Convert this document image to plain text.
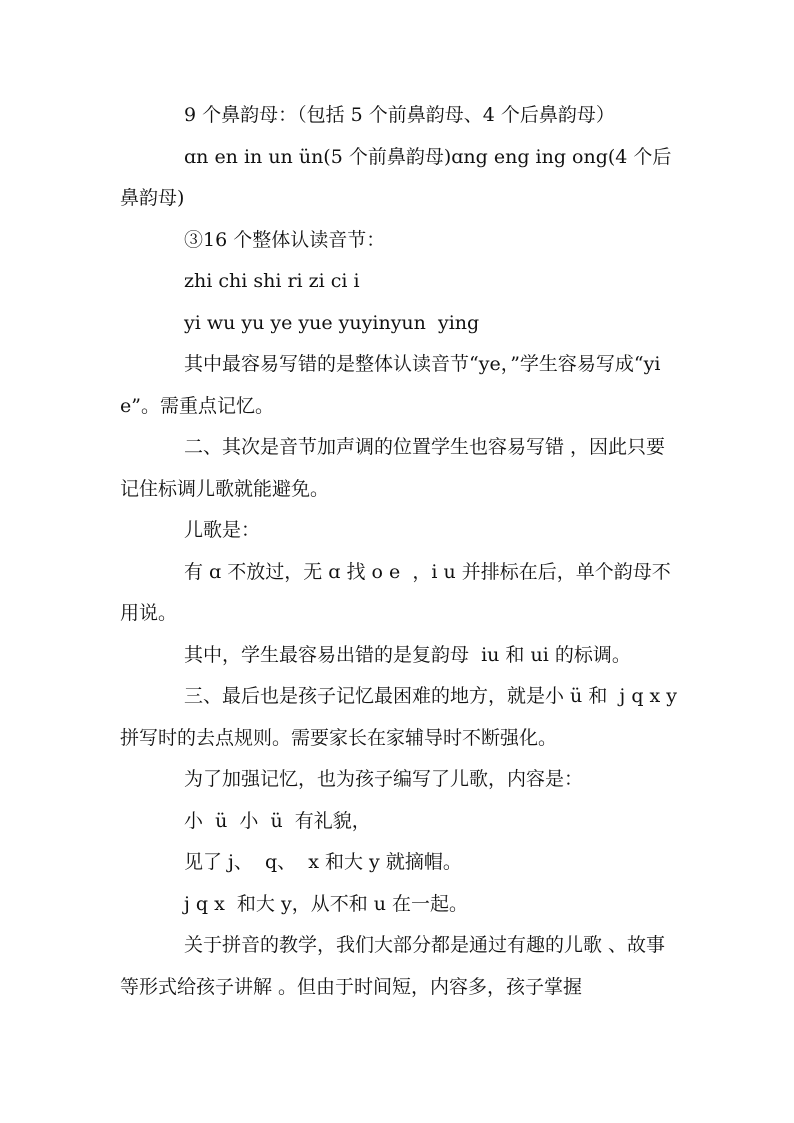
9 个鼻韵母：（包括 5 个前鼻韵母、4 个后鼻韵母）

ɑn en in un ün(5 个前鼻韵母)ɑng eng ing ong(4 个后鼻韵母)

③16 个整体认读音节：

zhi chi shi ri zi ci i

yi wu yu ye yue yuyinyun  ying

其中最容易写错的是整体认读音节“ye，”学生容易写成“yie”。需重点记忆。

二、其次是音节加声调的位置学生也容易写错 ，因此只要记住标调儿歌就能避免。

儿歌是：

有 ɑ 不放过，无 ɑ 找 o e  ，i u 并排标在后，单个韵母不用说。

其中，学生最容易出错的是复韵母  iu 和 ui 的标调。

三、最后也是孩子记忆最困难的地方，就是小 ü 和  j q x y  拼写时的去点规则。需要家长在家辅导时不断强化。

为了加强记忆，也为孩子编写了儿歌，内容是：

小  ü  小  ü  有礼貌，

见了 j、  q、  x 和大 y 就摘帽。

j q x  和大 y，从不和 u 在一起。

关于拼音的教学，我们大部分都是通过有趣的儿歌 、故事等形式给孩子讲解 。但由于时间短，内容多，孩子掌握
